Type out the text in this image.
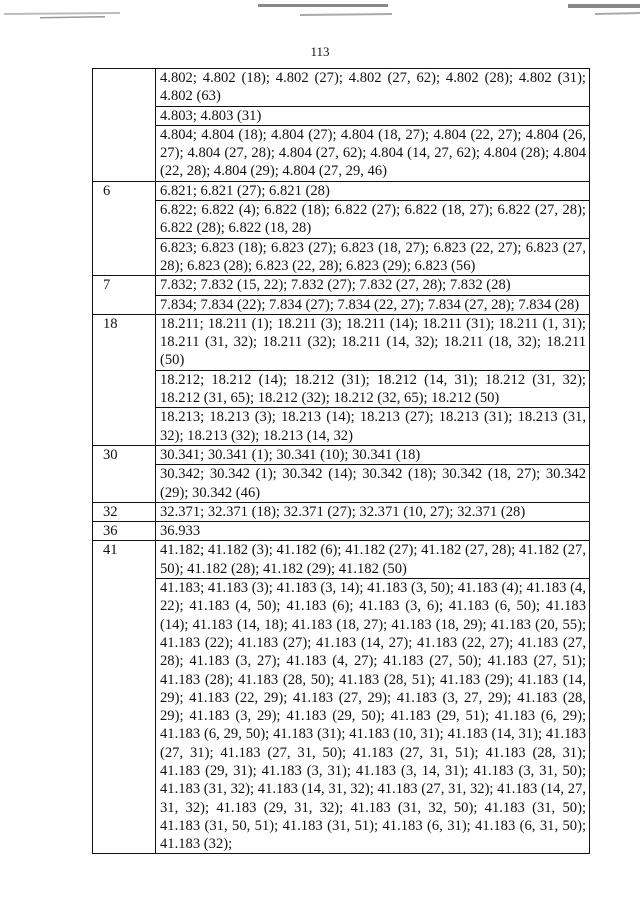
113
	4.802; 4.802 (18); 4.802 (27); 4.802 (27, 62); 4.802 (28); 4.802 (31); 4.802 (63)
	4.803; 4.803 (31)
	4.804; 4.804 (18); 4.804 (27); 4.804 (18, 27); 4.804 (22, 27); 4.804 (26, 27); 4.804 (27, 28); 4.804 (27, 62); 4.804 (14, 27, 62); 4.804 (28); 4.804 (22, 28); 4.804 (29); 4.804 (27, 29, 46)
6	6.821; 6.821 (27); 6.821 (28)
	6.822; 6.822 (4); 6.822 (18); 6.822 (27); 6.822 (18, 27); 6.822 (27, 28); 6.822 (28); 6.822 (18, 28)
	6.823; 6.823 (18); 6.823 (27); 6.823 (18, 27); 6.823 (22, 27); 6.823 (27, 28); 6.823 (28); 6.823 (22, 28); 6.823 (29); 6.823 (56)
7	7.832; 7.832 (15, 22); 7.832 (27); 7.832 (27, 28); 7.832 (28)
	7.834; 7.834 (22); 7.834 (27); 7.834 (22, 27); 7.834 (27, 28); 7.834 (28)
18	18.211; 18.211 (1); 18.211 (3); 18.211 (14); 18.211 (31); 18.211 (1, 31); 18.211 (31, 32); 18.211 (32); 18.211 (14, 32); 18.211 (18, 32); 18.211 (50)
	18.212; 18.212 (14); 18.212 (31); 18.212 (14, 31); 18.212 (31, 32); 18.212 (31, 65); 18.212 (32); 18.212 (32, 65); 18.212 (50)
	18.213; 18.213 (3); 18.213 (14); 18.213 (27); 18.213 (31); 18.213 (31, 32); 18.213 (32); 18.213 (14, 32)
30	30.341; 30.341 (1); 30.341 (10); 30.341 (18)
	30.342; 30.342 (1); 30.342 (14); 30.342 (18); 30.342 (18, 27); 30.342 (29); 30.342 (46)
32	32.371; 32.371 (18); 32.371 (27); 32.371 (10, 27); 32.371 (28)
36	36.933
41	41.182; 41.182 (3); 41.182 (6); 41.182 (27); 41.182 (27, 28); 41.182 (27, 50); 41.182 (28); 41.182 (29); 41.182 (50)
	41.183; 41.183 (3); 41.183 (3, 14); 41.183 (3, 50); 41.183 (4); 41.183 (4, 22); 41.183 (4, 50); 41.183 (6); 41.183 (3, 6); 41.183 (6, 50); 41.183 (14); 41.183 (14, 18); 41.183 (18, 27); 41.183 (18, 29); 41.183 (20, 55); 41.183 (22); 41.183 (27); 41.183 (14, 27); 41.183 (22, 27); 41.183 (27, 28); 41.183 (3, 27); 41.183 (4, 27); 41.183 (27, 50); 41.183 (27, 51); 41.183 (28); 41.183 (28, 50); 41.183 (28, 51); 41.183 (29); 41.183 (14, 29); 41.183 (22, 29); 41.183 (27, 29); 41.183 (3, 27, 29); 41.183 (28, 29); 41.183 (3, 29); 41.183 (29, 50); 41.183 (29, 51); 41.183 (6, 29); 41.183 (6, 29, 50); 41.183 (31); 41.183 (10, 31); 41.183 (14, 31); 41.183 (27, 31); 41.183 (27, 31, 50); 41.183 (27, 31, 51); 41.183 (28, 31); 41.183 (29, 31); 41.183 (3, 31); 41.183 (3, 14, 31); 41.183 (3, 31, 50); 41.183 (31, 32); 41.183 (14, 31, 32); 41.183 (27, 31, 32); 41.183 (14, 27, 31, 32); 41.183 (29, 31, 32); 41.183 (31, 32, 50); 41.183 (31, 50); 41.183 (31, 50, 51); 41.183 (31, 51); 41.183 (6, 31); 41.183 (6, 31, 50); 41.183 (32);
